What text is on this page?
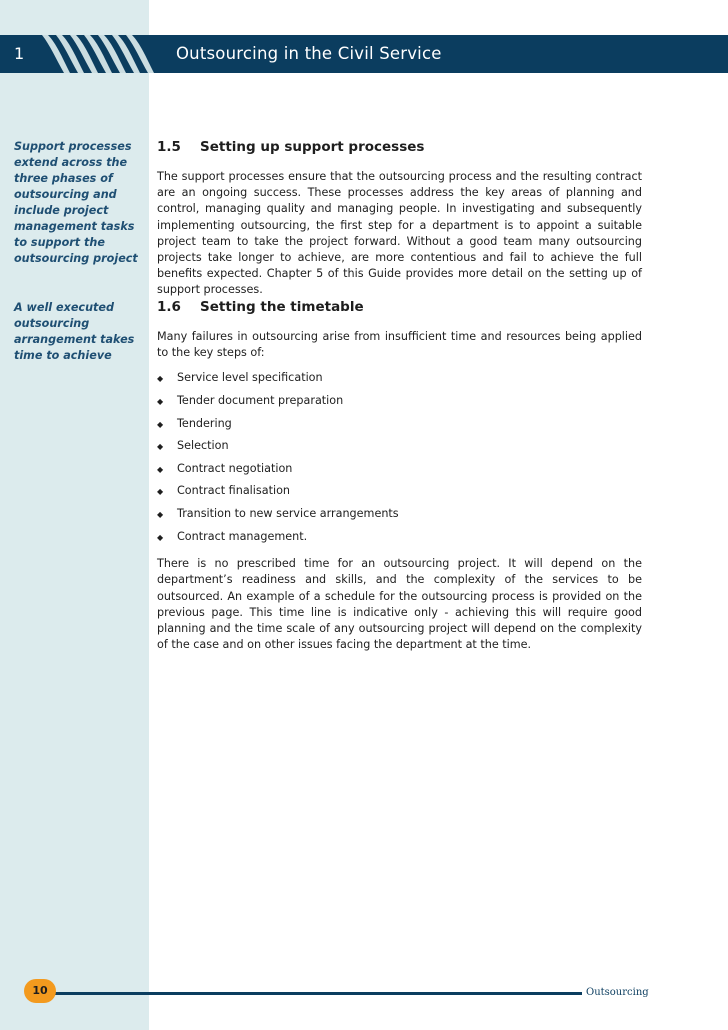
1	Outsourcing in the Civil Service
Support processes extend across the three phases of outsourcing and include project management tasks to support the outsourcing project
A well executed outsourcing arrangement takes time to achieve
1.5	Setting up support processes

The support processes ensure that the outsourcing process and the resulting contract are an ongoing success. These processes address the key areas of planning and control, managing quality and managing people. In investigating and subsequently implementing outsourcing, the first step for a department is to appoint a suitable project team to take the project forward. Without a good team many outsourcing projects take longer to achieve, are more contentious and fail to achieve the full benefits expected. Chapter 5 of this Guide provides more detail on the setting up of support processes.

1.6	Setting the timetable

Many failures in outsourcing arise from insufficient time and resources being applied to the key steps of:

◆	Service level specification
◆	Tender document preparation
◆	Tendering
◆	Selection
◆	Contract negotiation
◆	Contract finalisation
◆	Transition to new service arrangements
◆	Contract management.

There is no prescribed time for an outsourcing project. It will depend on the department’s readiness and skills, and the complexity of the services to be outsourced. An example of a schedule for the outsourcing process is provided on the previous page. This time line is indicative only - achieving this will require good planning and the time scale of any outsourcing project will depend on the complexity of the case and on other issues facing the department at the time.

10	Outsourcing
